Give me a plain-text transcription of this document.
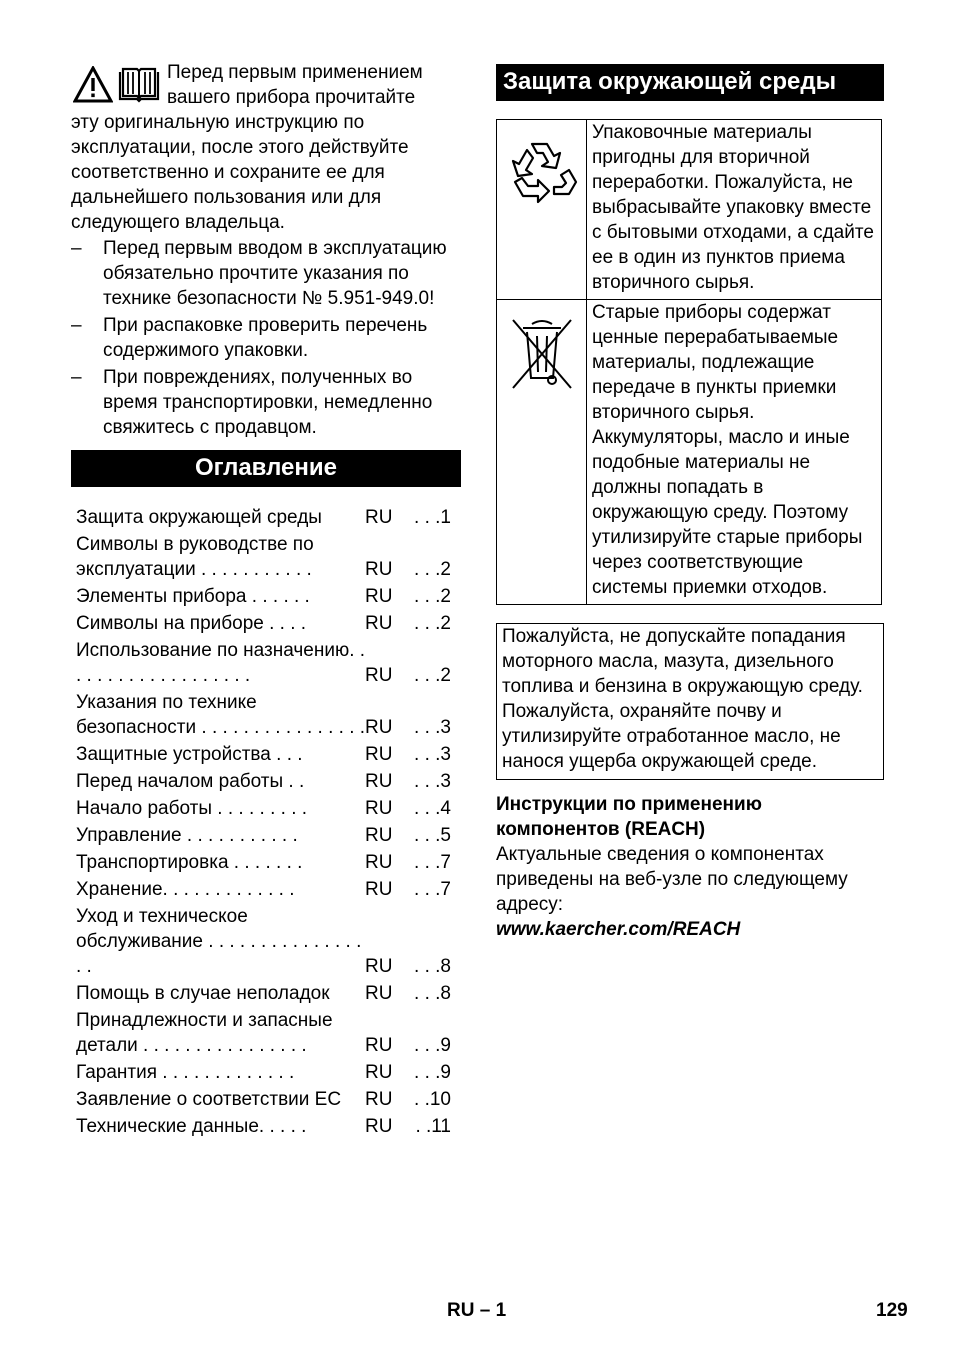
Перед первым применением
вашего прибора прочитайте
эту оригинальную инструкцию по эксплуатации, после этого действуйте соответственно и сохраните ее для дальнейшего пользования или для следующего владельца.

– Перед первым вводом в эксплуатацию обязательно прочтите указания по технике безопасности № 5.951-949.0!
– При распаковке проверить перечень содержимого упаковки.
– При повреждениях, полученных во время транспортировки, немедленно свяжитесь с продавцом.
Оглавление
Защита окружающей среды	RU	. . .1
Символы в руководстве по эксплуатации . . . . . . . . . . .	RU	. . .2
Элементы прибора . . . . . .	RU	. . .2
Символы на приборе . . . .	RU	. . .2
Использование по назначению. . . . . . . . . . . . . . . . . . .	RU	. . .2
Указания по технике безопасности . . . . . . . . . . . . . . . . RU	. . .3
Защитные устройства . . .	RU	. . .3
Перед началом работы . .	RU	. . .3
Начало работы . . . . . . . . .	RU	. . .4
Управление . . . . . . . . . . .	RU	. . .5
Транспортировка . . . . . . .	RU	. . .7
Хранение. . . . . . . . . . . . .	RU	. . .7
Уход и техническое обслуживание . . . . . . . . . . . . . . . . .	RU	. . .8
Помощь в случае неполадок	RU	. . .8
Принадлежности и запасные детали . . . . . . . . . . . . . . . .	RU	. . .9
Гарантия . . . . . . . . . . . . .	RU	. . .9
Заявление о соответствии ЕС	RU	. .10
Технические данные. . . . .	RU	. .11
Защита окружающей среды
	Упаковочные материалы пригодны для вторичной переработки. Пожалуйста, не выбрасывайте упаковку вместе с бытовыми отходами, а сдайте ее в один из пунктов приема вторичного сырья.
	Старые приборы содержат ценные перерабатываемые материалы, подлежащие передаче в пункты приемки вторичного сырья. Аккумуляторы, масло и иные подобные материалы не должны попадать в окружающую среду. Поэтому утилизируйте старые приборы через соответствующие системы приемки отходов.
Пожалуйста, не допускайте попадания моторного масла, мазута, дизельного топлива и бензина в окружающую среду. Пожалуйста, охраняйте почву и утилизируйте отработанное масло, не нанося ущерба окружающей среде.
Инструкции по применению компонентов (REACH)
Актуальные сведения о компонентах приведены на веб-узле по следующему адресу:
www.kaercher.com/REACH
RU – 1	129
